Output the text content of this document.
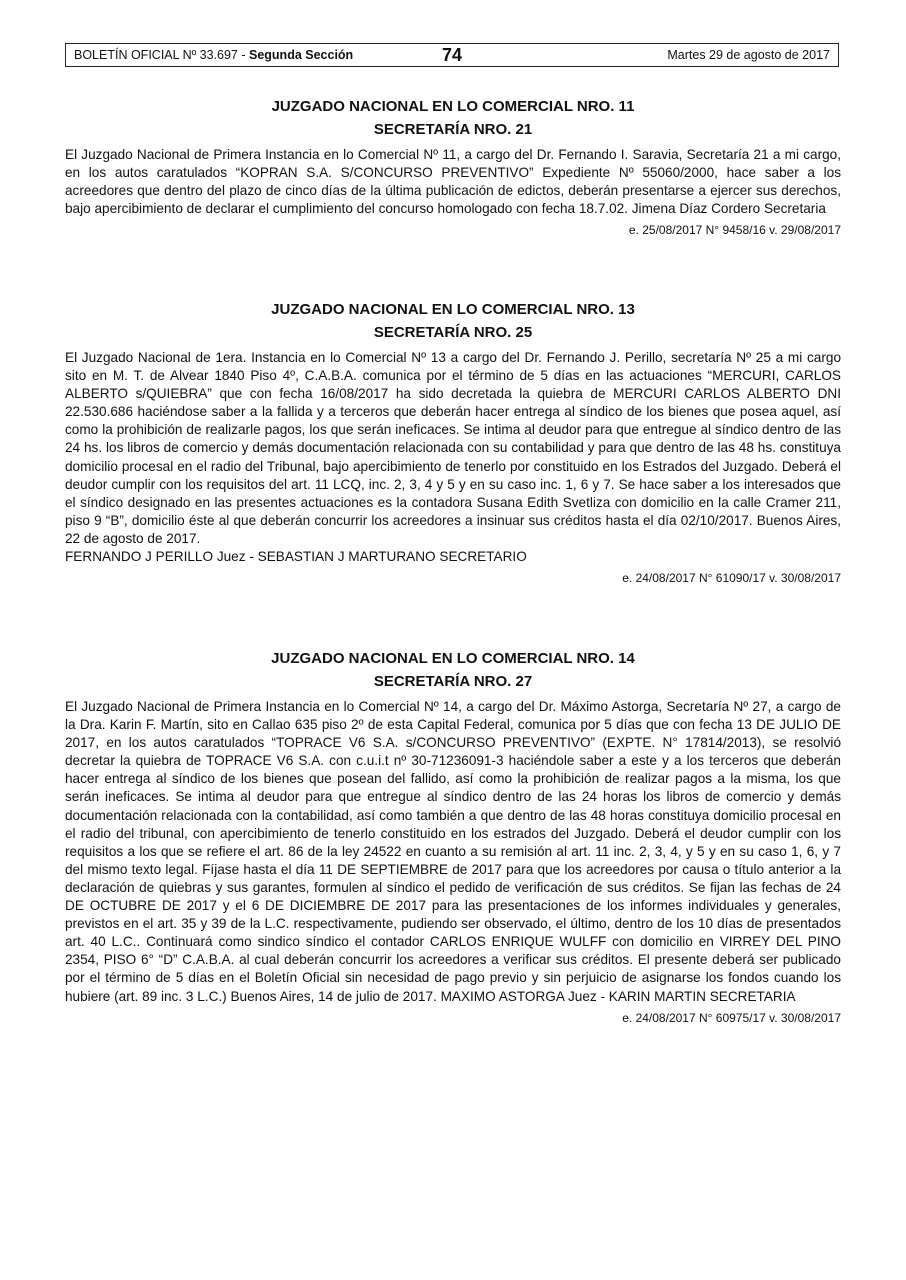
BOLETÍN OFICIAL Nº 33.697 - Segunda Sección	74	Martes 29 de agosto de 2017
JUZGADO NACIONAL EN LO COMERCIAL NRO. 11
SECRETARÍA NRO. 21
El Juzgado Nacional de Primera Instancia en lo Comercial Nº 11, a cargo del Dr. Fernando I. Saravia, Secretaría 21 a mi cargo, en los autos caratulados “KOPRAN S.A. S/CONCURSO PREVENTIVO” Expediente Nº 55060/2000, hace saber a los acreedores que dentro del plazo de cinco días de la última publicación de edictos, deberán presentarse a ejercer sus derechos, bajo apercibimiento de declarar el cumplimiento del concurso homologado con fecha 18.7.02. Jimena Díaz Cordero Secretaria
e. 25/08/2017 N° 9458/16 v. 29/08/2017
JUZGADO NACIONAL EN LO COMERCIAL NRO. 13
SECRETARÍA NRO. 25
El Juzgado Nacional de 1era. Instancia en lo Comercial Nº 13 a cargo del Dr. Fernando J. Perillo, secretaría Nº 25 a mi cargo sito en M. T. de Alvear 1840 Piso 4º, C.A.B.A. comunica por el término de 5 días en las actuaciones “MERCURI, CARLOS ALBERTO s/QUIEBRA” que con fecha 16/08/2017 ha sido decretada la quiebra de MERCURI CARLOS ALBERTO DNI 22.530.686 haciéndose saber a la fallida y a terceros que deberán hacer entrega al síndico de los bienes que posea aquel, así como la prohibición de realizarle pagos, los que serán ineficaces. Se intima al deudor para que entregue al síndico dentro de las 24 hs. los libros de comercio y demás documentación relacionada con su contabilidad y para que dentro de las 48 hs. constituya domicilio procesal en el radio del Tribunal, bajo apercibimiento de tenerlo por constituido en los Estrados del Juzgado. Deberá el deudor cumplir con los requisitos del art. 11 LCQ, inc. 2, 3, 4 y 5 y en su caso inc. 1, 6 y 7. Se hace saber a los interesados que el síndico designado en las presentes actuaciones es la contadora Susana Edith Svetliza con domicilio en la calle Cramer 211, piso 9 “B”, domicilio éste al que deberán concurrir los acreedores a insinuar sus créditos hasta el día 02/10/2017. Buenos Aires, 22 de agosto de 2017.
FERNANDO J PERILLO Juez - SEBASTIAN J MARTURANO SECRETARIO
e. 24/08/2017 N° 61090/17 v. 30/08/2017
JUZGADO NACIONAL EN LO COMERCIAL NRO. 14
SECRETARÍA NRO. 27
El Juzgado Nacional de Primera Instancia en lo Comercial Nº 14, a cargo del Dr. Máximo Astorga, Secretaría Nº 27, a cargo de la Dra. Karin F. Martín, sito en Callao 635 piso 2º de esta Capital Federal, comunica por 5 días que con fecha 13 DE JULIO DE 2017, en los autos caratulados “TOPRACE V6 S.A. s/CONCURSO PREVENTIVO” (EXPTE. N° 17814/2013), se resolvió decretar la quiebra de TOPRACE V6 S.A. con c.u.i.t nº 30-71236091-3 haciéndole saber a este y a los terceros que deberán hacer entrega al síndico de los bienes que posean del fallido, así como la prohibición de realizar pagos a la misma, los que serán ineficaces. Se intima al deudor para que entregue al síndico dentro de las 24 horas los libros de comercio y demás documentación relacionada con la contabilidad, así como también a que dentro de las 48 horas constituya domicilio procesal en el radio del tribunal, con apercibimiento de tenerlo constituido en los estrados del Juzgado. Deberá el deudor cumplir con los requisitos a los que se refiere el art. 86 de la ley 24522 en cuanto a su remisión al art. 11 inc. 2, 3, 4, y 5 y en su caso 1, 6, y 7 del mismo texto legal. Fíjase hasta el día 11 DE SEPTIEMBRE de 2017 para que los acreedores por causa o título anterior a la declaración de quiebras y sus garantes, formulen al síndico el pedido de verificación de sus créditos. Se fijan las fechas de 24 DE OCTUBRE DE 2017 y el 6 DE DICIEMBRE DE 2017 para las presentaciones de los informes individuales y generales, previstos en el art. 35 y 39 de la L.C. respectivamente, pudiendo ser observado, el último, dentro de los 10 días de presentados art. 40 L.C.. Continuará como sindico síndico el contador CARLOS ENRIQUE WULFF con domicilio en VIRREY DEL PINO 2354, PISO 6° “D” C.A.B.A. al cual deberán concurrir los acreedores a verificar sus créditos. El presente deberá ser publicado por el término de 5 días en el Boletín Oficial sin necesidad de pago previo y sin perjuicio de asignarse los fondos cuando los hubiere (art. 89 inc. 3 L.C.) Buenos Aires, 14 de julio de 2017. MAXIMO ASTORGA Juez - KARIN MARTIN SECRETARIA
e. 24/08/2017 N° 60975/17 v. 30/08/2017
